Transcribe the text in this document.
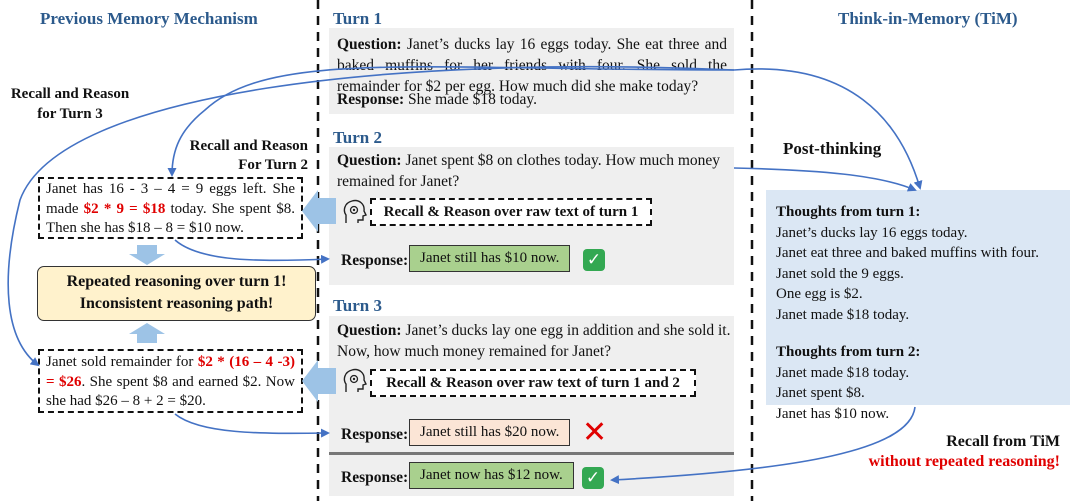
Previous Memory Mechanism	Think-in-Memory (TiM)
Turn 1
Question: Janet’s ducks lay 16 eggs today. She eat three and baked muffins for her friends with four. She sold the remainder for $2 per egg. How much did she make today?
Response: She made $18 today.
Turn 2
Question: Janet spent $8 on clothes today. How much money remained for Janet?
Recall & Reason over raw text of turn 1
Response: Janet still has $10 now.	✓
Turn 3
Question: Janet’s ducks lay one egg in addition and she sold it. Now, how much money remained for Janet?
Recall & Reason over raw text of turn 1 and 2
Response: Janet still has $20 now. ✕
Response: Janet now has $12 now.	✓
Recall and Reason
for Turn 3
Recall and Reason
For Turn 2
Janet has 16 - 3 – 4 = 9 eggs left. She made $2 * 9 = $18 today. She spent $8. Then she has $18 – 8 = $10 now.
Repeated reasoning over turn 1!
Inconsistent reasoning path!
Janet sold remainder for $2 * (16 – 4 -3) = $26. She spent $8 and earned $2. Now she had $26 – 8 + 2 = $20.
Post-thinking
Thoughts from turn 1:
Janet’s ducks lay 16 eggs today.
Janet eat three and baked muffins with four.
Janet sold the 9 eggs.
One egg is $2.
Janet made $18 today.
Thoughts from turn 2:
Janet made $18 today.
Janet spent $8.
Janet has $10 now.
Recall from TiM
without repeated reasoning!
